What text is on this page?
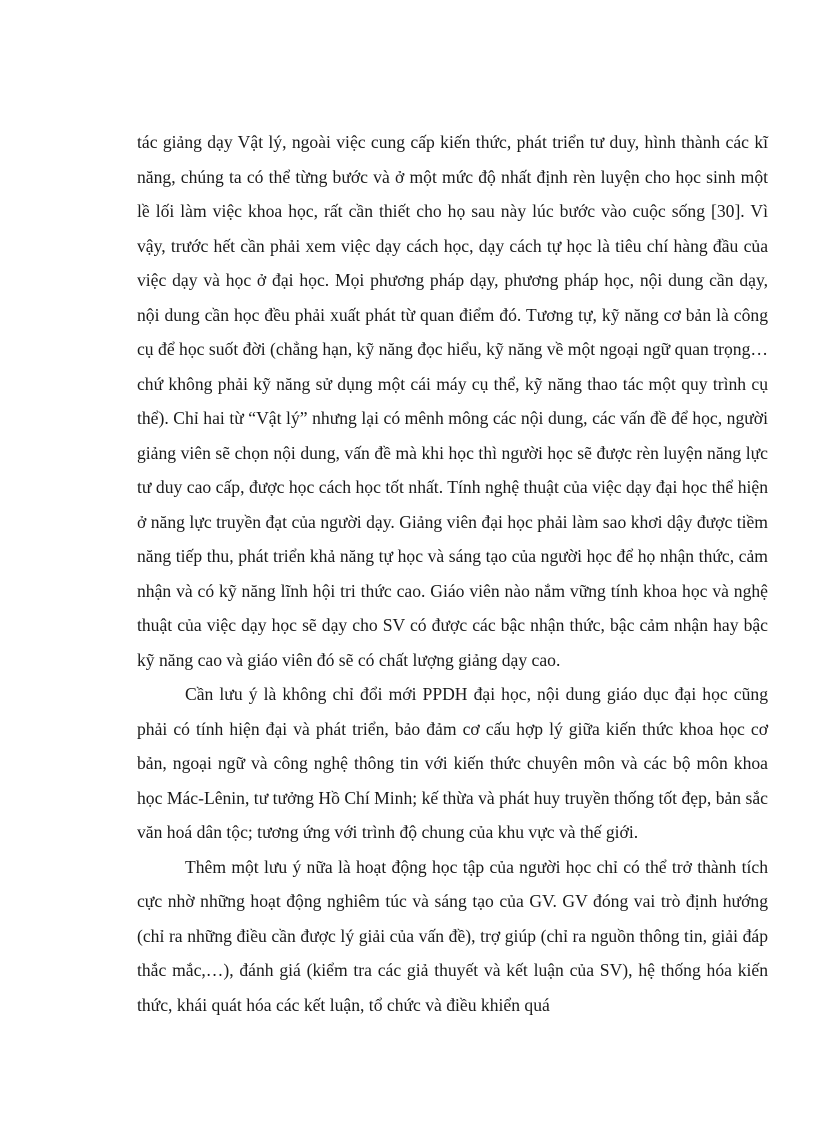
tác giảng dạy Vật lý, ngoài việc cung cấp kiến thức, phát triển tư duy, hình thành các kĩ năng, chúng ta có thể từng bước và ở một mức độ nhất định rèn luyện cho học sinh một lề lối làm việc khoa học, rất cần thiết cho họ sau này lúc bước vào cuộc sống [30]. Vì vậy, trước hết cần phải xem việc dạy cách học, dạy cách tự học là tiêu chí hàng đầu của việc dạy và học ở đại học. Mọi phương pháp dạy, phương pháp học, nội dung cần dạy, nội dung cần học đều phải xuất phát từ quan điểm đó. Tương tự, kỹ năng cơ bản là công cụ để học suốt đời (chẳng hạn, kỹ năng đọc hiểu, kỹ năng về một ngoại ngữ quan trọng… chứ không phải kỹ năng sử dụng một cái máy cụ thể, kỹ năng thao tác một quy trình cụ thể). Chỉ hai từ “Vật lý” nhưng lại có mênh mông các nội dung, các vấn đề để học, người giảng viên sẽ chọn nội dung, vấn đề mà khi học thì người học sẽ được rèn luyện năng lực tư duy cao cấp, được học cách học tốt nhất. Tính nghệ thuật của việc dạy đại học thể hiện ở năng lực truyền đạt của người dạy. Giảng viên đại học phải làm sao khơi dậy được tiềm năng tiếp thu, phát triển khả năng tự học và sáng tạo của người học để họ nhận thức, cảm nhận và có kỹ năng lĩnh hội tri thức cao. Giáo viên nào nắm vững tính khoa học và nghệ thuật của việc dạy học sẽ dạy cho SV có được các bậc nhận thức, bậc cảm nhận hay bậc kỹ năng cao và giáo viên đó sẽ có chất lượng giảng dạy cao.

Cần lưu ý là không chỉ đổi mới PPDH đại học, nội dung giáo dục đại học cũng phải có tính hiện đại và phát triển, bảo đảm cơ cấu hợp lý giữa kiến thức khoa học cơ bản, ngoại ngữ và công nghệ thông tin với kiến thức chuyên môn và các bộ môn khoa học Mác-Lênin, tư tưởng Hồ Chí Minh; kế thừa và phát huy truyền thống tốt đẹp, bản sắc văn hoá dân tộc; tương ứng với trình độ chung của khu vực và thế giới.

Thêm một lưu ý nữa là hoạt động học tập của người học chỉ có thể trở thành tích cực nhờ những hoạt động nghiêm túc và sáng tạo của GV. GV đóng vai trò định hướng (chỉ ra những điều cần được lý giải của vấn đề), trợ giúp (chỉ ra nguồn thông tin, giải đáp thắc mắc,…), đánh giá (kiểm tra các giả thuyết và kết luận của SV), hệ thống hóa kiến thức, khái quát hóa các kết luận, tổ chức và điều khiển quá
